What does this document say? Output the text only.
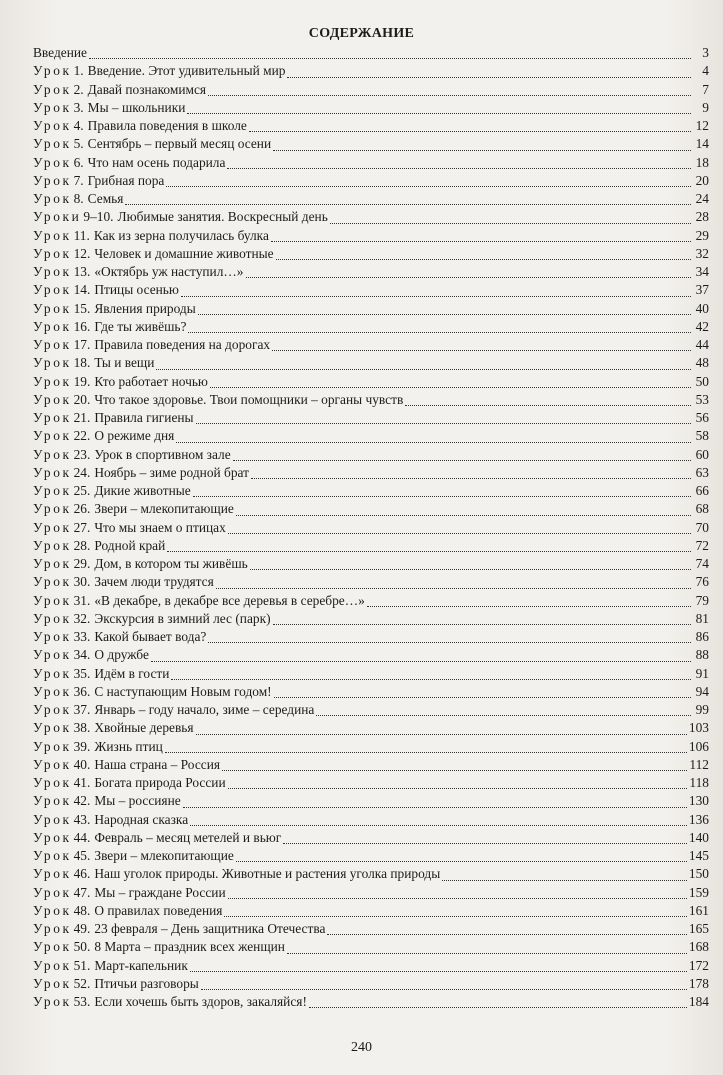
СОДЕРЖАНИЕ
Введение	3
Урок 1. Введение. Этот удивительный мир	4
Урок 2. Давай познакомимся	7
Урок 3. Мы – школьники	9
Урок 4. Правила поведения в школе	12
Урок 5. Сентябрь – первый месяц осени	14
Урок 6. Что нам осень подарила	18
Урок 7. Грибная пора	20
Урок 8. Семья	24
Уроки 9–10. Любимые занятия. Воскресный день	28
Урок 11. Как из зерна получилась булка	29
Урок 12. Человек и домашние животные	32
Урок 13. «Октябрь уж наступил…»	34
Урок 14. Птицы осенью	37
Урок 15. Явления природы	40
Урок 16. Где ты живёшь?	42
Урок 17. Правила поведения на дорогах	44
Урок 18. Ты и вещи	48
Урок 19. Кто работает ночью	50
Урок 20. Что такое здоровье. Твои помощники – органы чувств	53
Урок 21. Правила гигиены	56
Урок 22. О режиме дня	58
Урок 23. Урок в спортивном зале	60
Урок 24. Ноябрь – зиме родной брат	63
Урок 25. Дикие животные	66
Урок 26. Звери – млекопитающие	68
Урок 27. Что мы знаем о птицах	70
Урок 28. Родной край	72
Урок 29. Дом, в котором ты живёшь	74
Урок 30. Зачем люди трудятся	76
Урок 31. «В декабре, в декабре все деревья в серебре…»	79
Урок 32. Экскурсия в зимний лес (парк)	81
Урок 33. Какой бывает вода?	86
Урок 34. О дружбе	88
Урок 35. Идём в гости	91
Урок 36. С наступающим Новым годом!	94
Урок 37. Январь – году начало, зиме – середина	99
Урок 38. Хвойные деревья	103
Урок 39. Жизнь птиц	106
Урок 40. Наша страна – Россия	112
Урок 41. Богата природа России	118
Урок 42. Мы – россияне	130
Урок 43. Народная сказка	136
Урок 44. Февраль – месяц метелей и вьюг	140
Урок 45. Звери – млекопитающие	145
Урок 46. Наш уголок природы. Животные и растения уголка природы	150
Урок 47. Мы – граждане России	159
Урок 48. О правилах поведения	161
Урок 49. 23 февраля – День защитника Отечества	165
Урок 50. 8 Марта – праздник всех женщин	168
Урок 51. Март-капельник	172
Урок 52. Птичьи разговоры	178
Урок 53. Если хочешь быть здоров, закаляйся!	184
240
